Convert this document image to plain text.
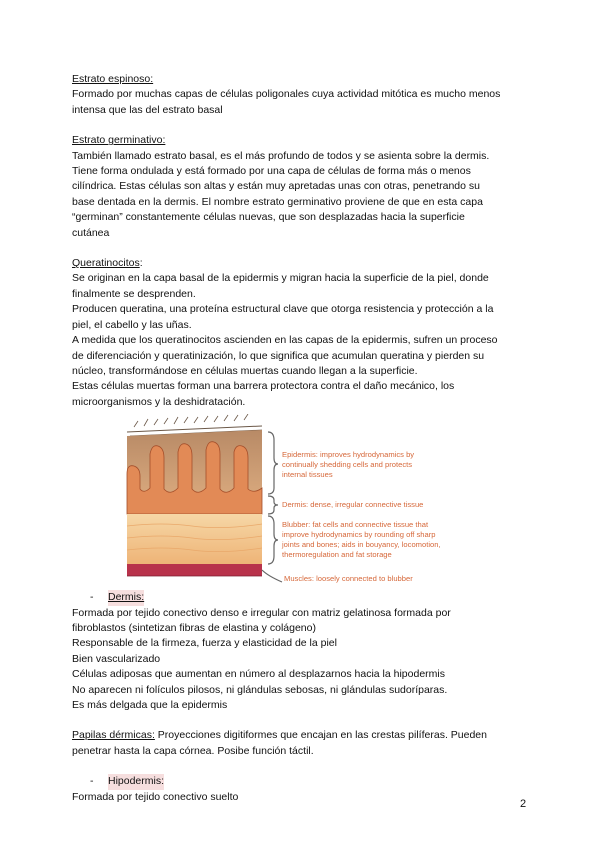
Estrato espinoso:

Formado por muchas capas de células poligonales cuya actividad mitótica es mucho menos

intensa que las del estrato basal

Estrato germinativo:

También llamado estrato basal, es el más profundo de todos y se asienta sobre la dermis.

Tiene forma ondulada y está formado por una capa de células de forma más o menos

cilíndrica. Estas células son altas y están muy apretadas unas con otras, penetrando su

base dentada en la dermis. El nombre estrato germinativo proviene de que en esta capa

“germinan” constantemente células nuevas, que son desplazadas hacia la superficie

cutánea

Queratinocitos:

Se originan en la capa basal de la epidermis y migran hacia la superficie de la piel, donde

finalmente se desprenden.

Producen queratina, una proteína estructural clave que otorga resistencia y protección a la

piel, el cabello y las uñas.

A medida que los queratinocitos ascienden en las capas de la epidermis, sufren un proceso

de diferenciación y queratinización, lo que significa que acumulan queratina y pierden su

núcleo, transformándose en células muertas cuando llegan a la superficie.

Estas células muertas forman una barrera protectora contra el daño mecánico, los

microorganismos y la deshidratación.

Epidermis: improves hydrodynamics by
continually shedding cells and protects
internal tissues
Dermis: dense, irregular connective tissue
Blubber: fat cells and connective tissue that
improve hydrodynamics by rounding off sharp
joints and bones; aids in bouyancy, locomotion,
thermoregulation and fat storage
Muscles: loosely connected to blubber
-	Dermis:

Formada por tejido conectivo denso e irregular con matriz gelatinosa formada por

fibroblastos (sintetizan fibras de elastina y colágeno)

Responsable de la firmeza, fuerza y elasticidad de la piel

Bien vascularizado

Células adiposas que aumentan en número al desplazarnos hacia la hipodermis

No aparecen ni folículos pilosos, ni glándulas sebosas, ni glándulas sudoríparas.

Es más delgada que la epidermis

Papilas dérmicas: Proyecciones digitiformes que encajan en las crestas pilíferas. Pueden

penetrar hasta la capa córnea. Posibe función táctil.

-	Hipodermis:

Formada por tejido conectivo suelto

2
